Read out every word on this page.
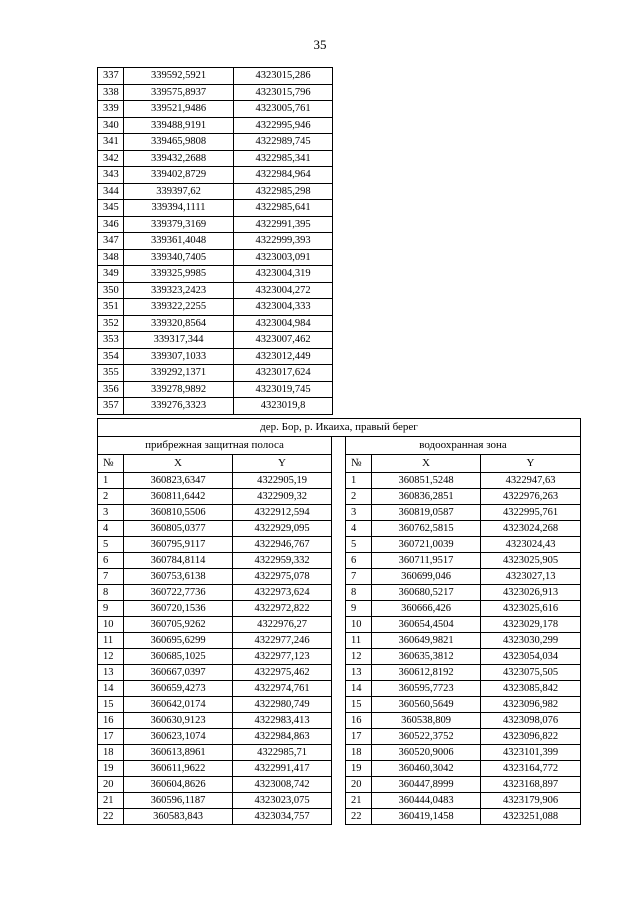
35
337	339592,5921	4323015,286
338	339575,8937	4323015,796
339	339521,9486	4323005,761
340	339488,9191	4322995,946
341	339465,9808	4322989,745
342	339432,2688	4322985,341
343	339402,8729	4322984,964
344	339397,62	4322985,298
345	339394,1111	4322985,641
346	339379,3169	4322991,395
347	339361,4048	4322999,393
348	339340,7405	4323003,091
349	339325,9985	4323004,319
350	339323,2423	4323004,272
351	339322,2255	4323004,333
352	339320,8564	4323004,984
353	339317,344	4323007,462
354	339307,1033	4323012,449
355	339292,1371	4323017,624
356	339278,9892	4323019,745
357	339276,3323	4323019,8
дер. Бор, р. Икаиха, правый берег						
прибрежная защитная полоса				водоохранная зона		
№	X	Y		№	X	Y
1	360823,6347	4322905,19		1	360851,5248	4322947,63
2	360811,6442	4322909,32		2	360836,2851	4322976,263
3	360810,5506	4322912,594		3	360819,0587	4322995,761
4	360805,0377	4322929,095		4	360762,5815	4323024,268
5	360795,9117	4322946,767		5	360721,0039	4323024,43
6	360784,8114	4322959,332		6	360711,9517	4323025,905
7	360753,6138	4322975,078		7	360699,046	4323027,13
8	360722,7736	4322973,624		8	360680,5217	4323026,913
9	360720,1536	4322972,822		9	360666,426	4323025,616
10	360705,9262	4322976,27		10	360654,4504	4323029,178
11	360695,6299	4322977,246		11	360649,9821	4323030,299
12	360685,1025	4322977,123		12	360635,3812	4323054,034
13	360667,0397	4322975,462		13	360612,8192	4323075,505
14	360659,4273	4322974,761		14	360595,7723	4323085,842
15	360642,0174	4322980,749		15	360560,5649	4323096,982
16	360630,9123	4322983,413		16	360538,809	4323098,076
17	360623,1074	4322984,863		17	360522,3752	4323096,822
18	360613,8961	4322985,71		18	360520,9006	4323101,399
19	360611,9622	4322991,417		19	360460,3042	4323164,772
20	360604,8626	4323008,742		20	360447,8999	4323168,897
21	360596,1187	4323023,075		21	360444,0483	4323179,906
22	360583,843	4323034,757		22	360419,1458	4323251,088
